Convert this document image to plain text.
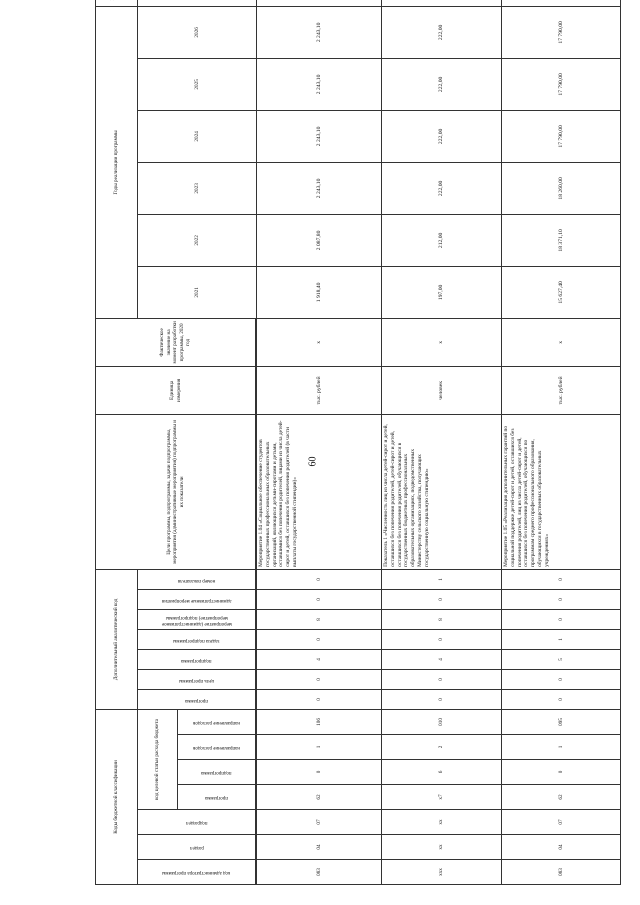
60
Коды бюджетной классификации							Дополнительный аналитический код							Цели программы, подпрограммы, задачи подпрограммы, мероприятия (административные мероприятия) подпрограммы и их показатели	Единица измерения	Фактическое значение на момент разработки программы, 2020 год	Годы реализации программы	

код администратора программы	раздел	подраздел	код целевой статьи расхода бюджета				программа	цель программы	подпрограмма	задача подпрограммы	мероприятие (административное мероприятие) подпрограммы	административные мероприятия	номер показателя				2021	2022	2023	2024	2025	2026	

			программа	подпрограмма	направление расходов	направление расходов																	

083	04	07	62	0	1	106	0	0	4	0	8	0	0	Мероприятие 1.04 «Социальное обеспечение студентов государственных профессиональных образовательных организаций, являющихся детьми-сиротами и детьми, оставшимися без попечения родителей, лицами из числа детей-сирот и детей, оставшихся без попечения родителей (в части выплаты государственной стипендии)»	тыс. рублей	х	1 918,40	2 087,80	2 243,10	2 243,10	2 243,10	2 243,10	
ххх	хх	хх	х7	6	2	010	0	0	4	0	8	0	1	Показатель 1 «Численность лиц из числа детей-сирот и детей, оставшихся без попечения родителей, детей-сирот и детей, оставшихся без попечения родителей, обучающихся в государственных бюджетных профессиональных образовательных организациях, подведомственных Министерству сельского хозяйства, получающих государственную социальную стипендию»	человек	х	197,00	212,00	222,00	222,00	222,00	222,00	
083	04	07	62	0	1	095	0	0	5	1	0	0	0	Мероприятие 1.05 «Реализация дополнительных гарантий по социальной поддержке детей-сирот и детей, оставшихся без попечения родителей, лиц из числа детей-сирот и детей, оставшихся без попечения родителей, обучающихся по программам среднего профессионального образования, обучающихся в государственных образовательных учреждениях»	тыс. рублей	х	15 627,40	18 371,10	18 260,00	17 790,00	17 790,00	17 790,00	
